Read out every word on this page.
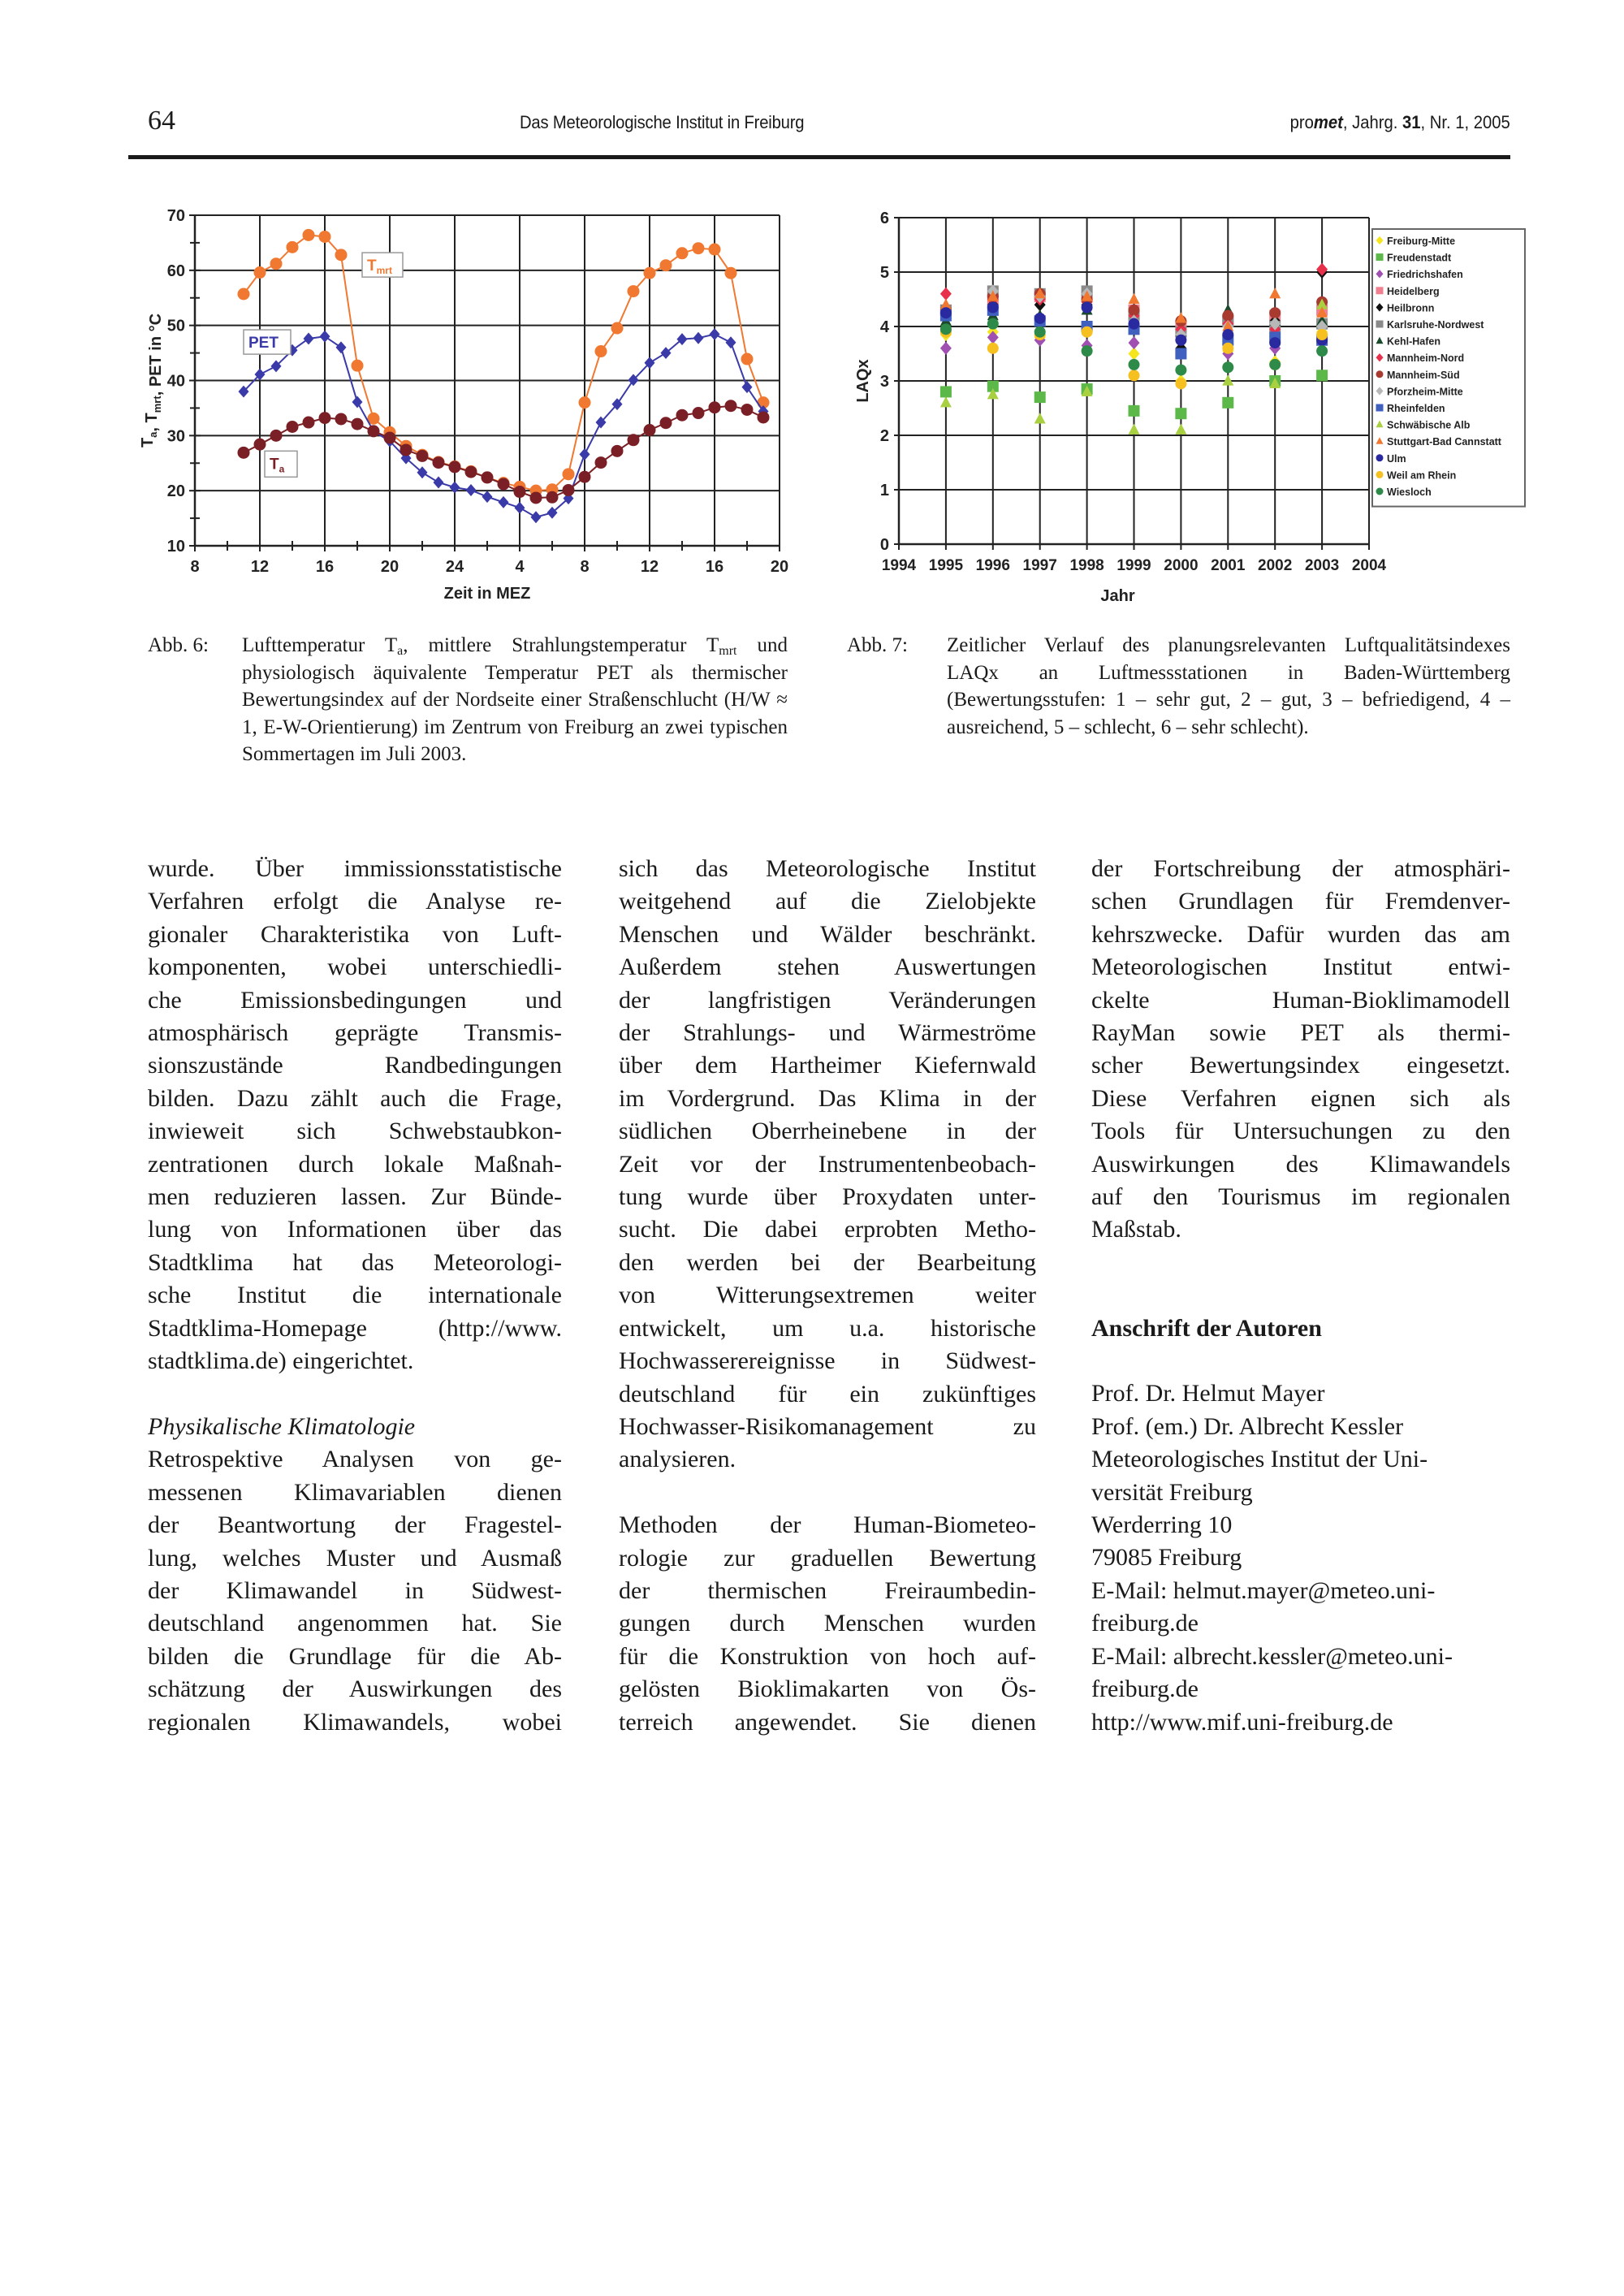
64	Das Meteorologische Institut in Freiburg	promet, Jahrg. 31, Nr. 1, 2005
10
20
30
40
50
60
70
8	12	16	20	24	4	8	12	16	20
Zeit in MEZ
$T_a$, $T_{mrt}$, PET in °C
$T_{mrt}$
PET
$T_a$
0
1
2
3
4
5
6
1994 1995 1996 1997 1998 1999 2000 2001 2002 2003 2004
Jahr
LAQx
Freiburg-Mitte
Freudenstadt
Friedrichshafen
Heidelberg
Heilbronn
Karlsruhe-Nordwest
Kehl-Hafen
Mannheim-Nord
Mannheim-Süd
Pforzheim-Mitte
Rheinfelden
Schwäbische Alb
Stuttgart-Bad Cannstatt
Ulm
Weil am Rhein
Wiesloch
Abb. 6: Lufttemperatur $T_a$, mittlere Strahlungstemperatur $T_{mrt}$ und physiologisch äquivalente Temperatur PET als thermischer Bewertungsindex auf der Nordseite einer Straßenschlucht (H/W ≈ 1, E-W-Orientierung) im Zentrum von Freiburg an zwei typischen Sommertagen im Juli 2003.
Abb. 7: Zeitlicher Verlauf des planungsrelevanten Luftqualitätsindexes LAQx an Luftmessstationen in Baden-Württemberg (Bewertungsstufen: 1 – sehr gut, 2 – gut, 3 – befriedigend, 4 – ausreichend, 5 – schlecht, 6 – sehr schlecht).
wurde. Über immissionsstatistische
Verfahren erfolgt die Analyse re-
gionaler Charakteristika von Luft-
komponenten, wobei unterschiedli-
che Emissionsbedingungen und
atmosphärisch geprägte Transmis-
sionszustände Randbedingungen
bilden. Dazu zählt auch die Frage,
inwieweit sich Schwebstaubkon-
zentrationen durch lokale Maßnah-
men reduzieren lassen. Zur Bünde-
lung von Informationen über das
Stadtklima hat das Meteorologi-
sche Institut die internationale
Stadtklima-Homepage (http://www.
stadtklima.de) eingerichtet.
Physikalische Klimatologie
Retrospektive Analysen von ge-
messenen Klimavariablen dienen
der Beantwortung der Fragestel-
lung, welches Muster und Ausmaß
der Klimawandel in Südwest-
deutschland angenommen hat. Sie
bilden die Grundlage für die Ab-
schätzung der Auswirkungen des
regionalen Klimawandels, wobei
sich das Meteorologische Institut
weitgehend auf die Zielobjekte
Menschen und Wälder beschränkt.
Außerdem stehen Auswertungen
der langfristigen Veränderungen
der Strahlungs- und Wärmeströme
über dem Hartheimer Kiefernwald
im Vordergrund. Das Klima in der
südlichen Oberrheinebene in der
Zeit vor der Instrumentenbeobach-
tung wurde über Proxydaten unter-
sucht. Die dabei erprobten Metho-
den werden bei der Bearbeitung
von Witterungsextremen weiter
entwickelt, um u.a. historische
Hochwasserereignisse in Südwest-
deutschland für ein zukünftiges
Hochwasser-Risikomanagement zu
analysieren.
Methoden der Human-Biometeo-
rologie zur graduellen Bewertung
der thermischen Freiraumbedin-
gungen durch Menschen wurden
für die Konstruktion von hoch auf-
gelösten Bioklimakarten von Ös-
terreich angewendet. Sie dienen
der Fortschreibung der atmosphäri-
schen Grundlagen für Fremdenver-
kehrszwecke. Dafür wurden das am
Meteorologischen Institut entwi-
ckelte Human-Bioklimamodell
RayMan sowie PET als thermi-
scher Bewertungsindex eingesetzt.
Diese Verfahren eignen sich als
Tools für Untersuchungen zu den
Auswirkungen des Klimawandels
auf den Tourismus im regionalen
Maßstab.
Anschrift der Autoren
Prof. Dr. Helmut Mayer
Prof. (em.) Dr. Albrecht Kessler
Meteorologisches Institut der Uni-
versität Freiburg
Werderring 10
79085 Freiburg
E-Mail: helmut.mayer@meteo.uni-
freiburg.de
E-Mail: albrecht.kessler@meteo.uni-
freiburg.de
http://www.mif.uni-freiburg.de
